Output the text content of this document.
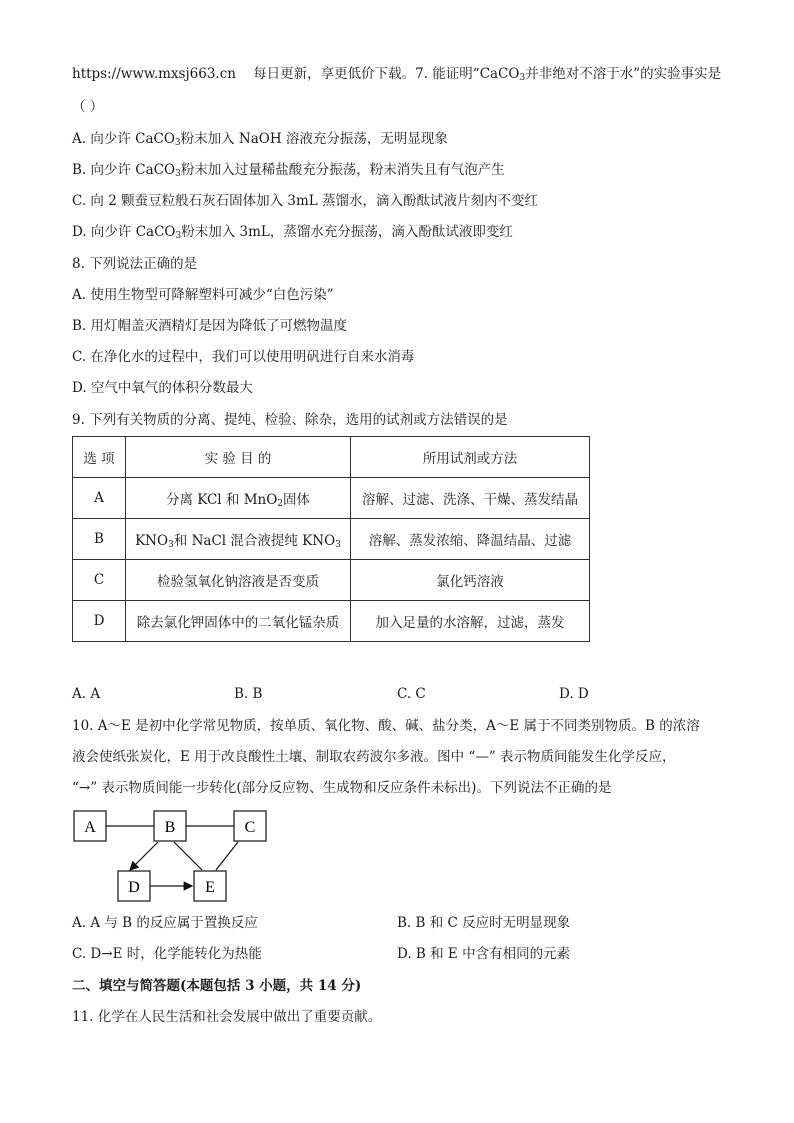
https://www.mxsj663.cn 每日更新，享更低价下载。7. 能证明“CaCO$_3$并非绝对不溶于水”的实验事实是
（ ）
A. 向少许 CaCO$_3$粉末加入 NaOH 溶液充分振荡，无明显现象
B. 向少许 CaCO$_3$粉末加入过量稀盐酸充分振荡，粉末消失且有气泡产生
C. 向 2 颗蚕豆粒般石灰石固体加入 3mL 蒸馏水，滴入酚酞试液片刻内不变红
D. 向少许 CaCO$_3$粉末加入 3mL，蒸馏水充分振荡，滴入酚酞试液即变红
8. 下列说法正确的是
A. 使用生物型可降解塑料可减少“白色污染”
B. 用灯帽盖灭酒精灯是因为降低了可燃物温度
C. 在净化水的过程中，我们可以使用明矾进行自来水消毒
D. 空气中氧气的体积分数最大
9. 下列有关物质的分离、提纯、检验、除杂，选用的试剂或方法错误的是
选 项	实 验 目 的	所用试剂或方法
A	分离 KCl 和 MnO$_2$固体	溶解、过滤、洗涤、干燥、蒸发结晶
B	$KNO_3$和 NaCl 混合液提纯 $KNO_3$	溶解、蒸发浓缩、降温结晶、过滤
C	检验氢氧化钠溶液是否变质	氯化钙溶液
D	除去氯化钾固体中的二氧化锰杂质	加入足量的水溶解，过滤，蒸发
A. A	B. B	C. C	D. D
10. A～E 是初中化学常见物质，按单质、氧化物、酸、碱、盐分类，A～E 属于不同类别物质。B 的浓溶
液会使纸张炭化，E 用于改良酸性土壤、制取农药波尔多液。图中 “—” 表示物质间能发生化学反应，
“→” 表示物质间能一步转化(部分反应物、生成物和反应条件未标出)。下列说法不正确的是
A	B	C
D	E
A. A 与 B 的反应属于置换反应	B. B 和 C 反应时无明显现象
C. D→E 时，化学能转化为热能	D. B 和 E 中含有相同的元素
二、填空与简答题(本题包括 3 小题，共 14 分)
11. 化学在人民生活和社会发展中做出了重要贡献。
